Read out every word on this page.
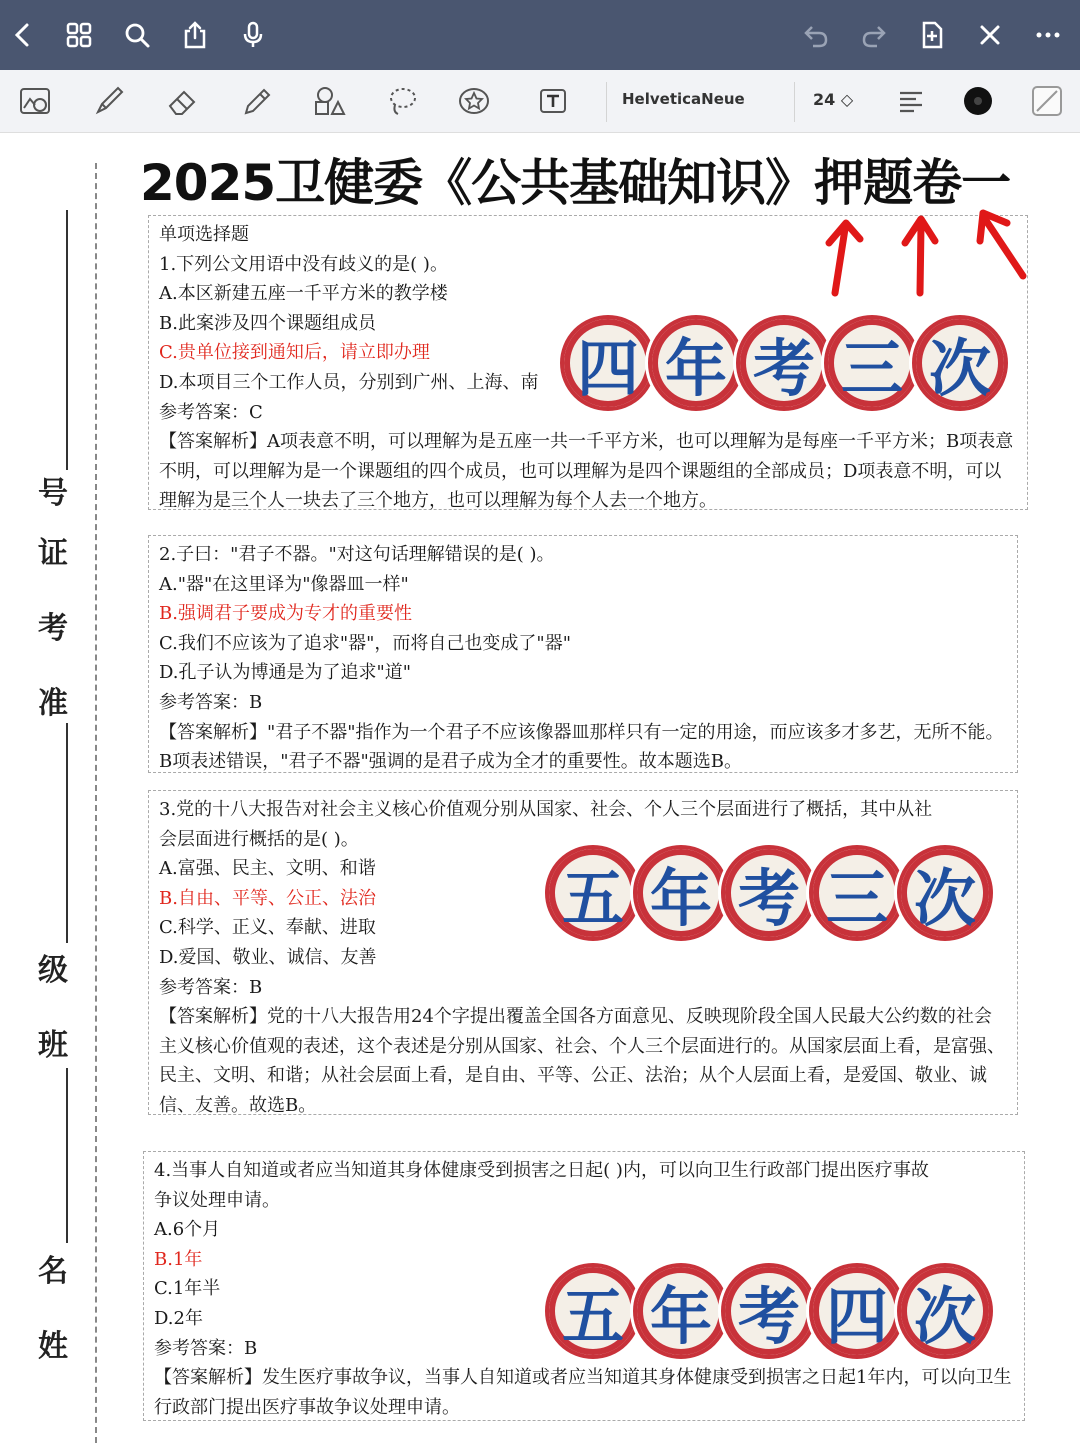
HelveticaNeue	24 ◇
号
证
考
准
级
班
名
姓
2025卫健委《公共基础知识》押题卷一
单项选择题
1.下列公文用语中没有歧义的是( )。
A.本区新建五座一千平方米的教学楼
B.此案涉及四个课题组成员
C.贵单位接到通知后，请立即办理
D.本项目三个工作人员，分别到广州、上海、南
参考答案：C
【答案解析】A项表意不明，可以理解为是五座一共一千平方米，也可以理解为是每座一千平方米；B项表意不明，可以理解为是一个课题组的四个成员，也可以理解为是四个课题组的全部成员；D项表意不明，可以理解为是三个人一块去了三个地方，也可以理解为每个人去一个地方。
2.子曰："君子不器。"对这句话理解错误的是( )。
A."器"在这里译为"像器皿一样"
B.强调君子要成为专才的重要性
C.我们不应该为了追求"器"，而将自己也变成了"器"
D.孔子认为博通是为了追求"道"
参考答案：B
【答案解析】"君子不器"指作为一个君子不应该像器皿那样只有一定的用途，而应该多才多艺，无所不能。B项表述错误，"君子不器"强调的是君子成为全才的重要性。故本题选B。
3.党的十八大报告对社会主义核心价值观分别从国家、社会、个人三个层面进行了概括，其中从社
会层面进行概括的是( )。
A.富强、民主、文明、和谐
B.自由、平等、公正、法治
C.科学、正义、奉献、进取
D.爱国、敬业、诚信、友善
参考答案：B
【答案解析】党的十八大报告用24个字提出覆盖全国各方面意见、反映现阶段全国人民最大公约数的社会主义核心价值观的表述，这个表述是分别从国家、社会、个人三个层面进行的。从国家层面上看，是富强、民主、文明、和谐；从社会层面上看，是自由、平等、公正、法治；从个人层面上看，是爱国、敬业、诚信、友善。故选B。
4.当事人自知道或者应当知道其身体健康受到损害之日起( )内，可以向卫生行政部门提出医疗事故
争议处理申请。
A.6个月
B.1年
C.1年半
D.2年
参考答案：B
【答案解析】发生医疗事故争议，当事人自知道或者应当知道其身体健康受到损害之日起1年内，可以向卫生行政部门提出医疗事故争议处理申请。
四 年 考 三 次
五 年 考 三 次
五 年 考 四 次
